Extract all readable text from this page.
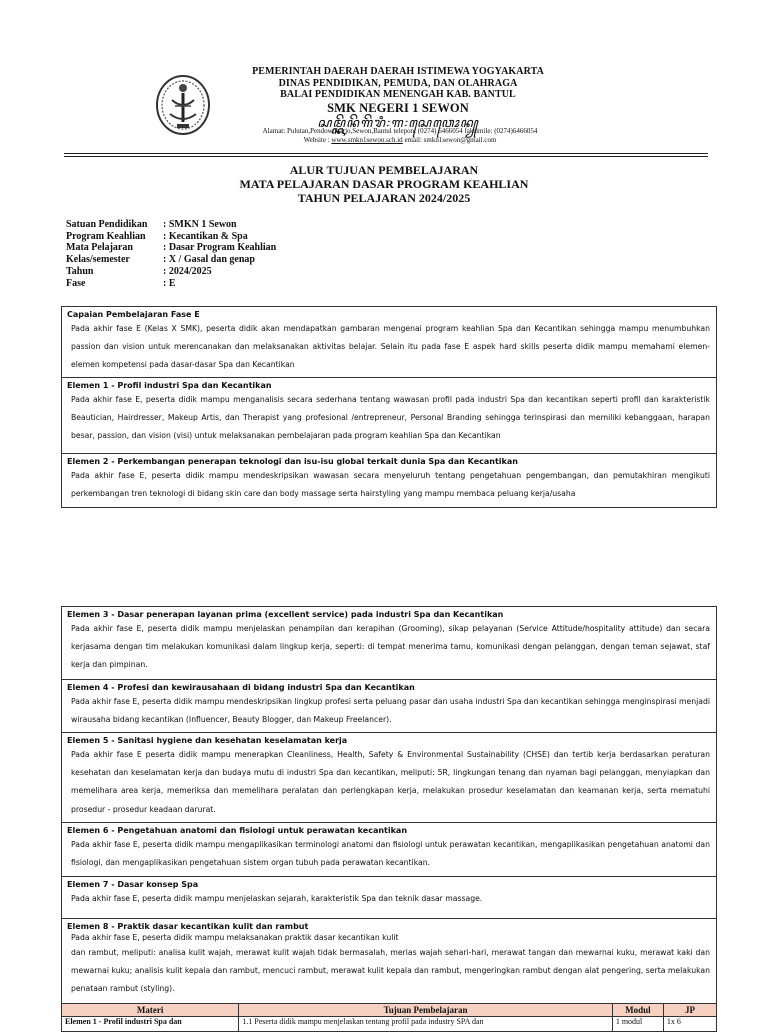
PEMERINTAH DAERAH DAERAH ISTIMEWA YOGYAKARTA
DINAS PENDIDIKAN, PEMUDA, DAN OLAHRAGA
BALAI PENDIDIKAN MENENGAH KAB. BANTUL
SMK NEGERI 1 SEWON
ꦱꦩ꧀ꦏꦼꦤꦼꦒꦼꦫꦶ꧇꧑꧇ꦱꦺꦮꦺꦴꦤ꧀
Alamat: Pulutan,Pendowoharjo,Sewon,Bantul telepon: (0274) 6466054 faksimile: (0274)6466054
Website : www.smkn1sewon.sch.id email: smkn1sewon@gmail.com
ALUR TUJUAN PEMBELAJARAN
MATA PELAJARAN DASAR PROGRAM KEAHLIAN
TAHUN PELAJARAN 2024/2025
Satuan Pendidikan	: SMKN 1 Sewon
Program Keahlian	: Kecantikan & Spa
Mata Pelajaran	: Dasar Program Keahlian
Kelas/semester	: X / Gasal dan genap
Tahun	: 2024/2025
Fase	: E
Capaian Pembelajaran Fase E

Pada akhir fase E (Kelas X SMK), peserta didik akan mendapatkan gambaran mengenai program keahlian Spa dan Kecantikan sehingga mampu menumbuhkan passion dan vision untuk merencanakan dan melaksanakan aktivitas belajar. Selain itu pada fase E aspek hard skills peserta didik mampu memahami elemen-elemen kompetensi pada dasar-dasar Spa dan Kecantikan

Elemen 1 - Profil industri Spa dan Kecantikan

Pada akhir fase E, peserta didik mampu menganalisis secara sederhana tentang wawasan profil pada industri Spa dan kecantikan seperti profil dan karakteristik Beautician, Hairdresser, Makeup Artis, dan Therapist yang profesional /entrepreneur, Personal Branding sehingga terinspirasi dan memiliki kebanggaan, harapan besar, passion, dan vision (visi) untuk melaksanakan pembelajaran pada program keahlian Spa dan Kecantikan

Elemen 2 - Perkembangan penerapan teknologi dan isu-isu global terkait dunia Spa dan Kecantikan

Pada akhir fase E, peserta didik mampu mendeskripsikan wawasan secara menyeluruh tentang pengetahuan pengembangan, dan pemutakhiran mengikuti perkembangan tren teknologi di bidang skin care dan body massage serta hairstyling yang mampu membaca peluang kerja/usaha

Elemen 3 - Dasar penerapan layanan prima (excellent service) pada industri Spa dan Kecantikan

Pada akhir fase E, peserta didik mampu menjelaskan penampilan dan kerapihan (Grooming), sikap pelayanan (Service Attitude/hospitality attitude) dan secara kerjasama dengan tim melakukan komunikasi dalam lingkup kerja, seperti: di tempat menerima tamu, komunikasi dengan pelanggan, dengan teman sejawat, staf kerja dan pimpinan.

Elemen 4 - Profesi dan kewirausahaan di bidang industri Spa dan Kecantikan

Pada akhir fase E, peserta didik mampu mendeskripsikan lingkup profesi serta peluang pasar dan usaha industri Spa dan kecantikan sehingga menginspirasi menjadi wirausaha bidang kecantikan (Influencer, Beauty Blogger, dan Makeup Freelancer).

Elemen 5 - Sanitasi hygiene dan kesehatan keselamatan kerja

Pada akhir fase E peserta didik mampu menerapkan Cleanliness, Health, Safety & Environmental Sustainability (CHSE) dan tertib kerja berdasarkan peraturan kesehatan dan keselamatan kerja dan budaya mutu di industri Spa dan kecantikan, meliputi: 5R, lingkungan tenang dan nyaman bagi pelanggan, menyiapkan dan memelihara area kerja, memeriksa dan memelihara peralatan dan perlengkapan kerja, melakukan prosedur keselamatan dan keamanan kerja, serta mematuhi prosedur - prosedur keadaan darurat.

Elemen 6 - Pengetahuan anatomi dan fisiologi untuk perawatan kecantikan

Pada akhir fase E, peserta didik mampu mengaplikasikan terminologi anatomi dan fisiologi untuk perawatan kecantikan, mengaplikasikan pengetahuan anatomi dan fisiologi, dan mengaplikasikan pengetahuan sistem organ tubuh pada perawatan kecantikan.

Elemen 7 - Dasar konsep Spa

Pada akhir fase E, peserta didik mampu menjelaskan sejarah, karakteristik Spa dan teknik dasar massage.

Elemen 8 - Praktik dasar kecantikan kulit dan rambut

Pada akhir fase E, peserta didik mampu melaksanakan praktik dasar kecantikan kulit

dan rambut, meliputi: analisa kulit wajah, merawat kulit wajah tidak bermasalah, merias wajah sehari-hari, merawat tangan dan mewarnai kuku, merawat kaki dan mewarnai kuku; analisis kulit kepala dan rambut, mencuci rambut, merawat kulit kepala dan rambut, mengeringkan rambut dengan alat pengering, serta melakukan penataan rambut (styling).

Materi	Tujuan Pembelajaran	Modul	JP
Elemen 1 - Profil industri Spa dan	1.1 Peserta didik mampu menjelaskan tentang profil pada industry SPA dan	1 modul	1x 6
